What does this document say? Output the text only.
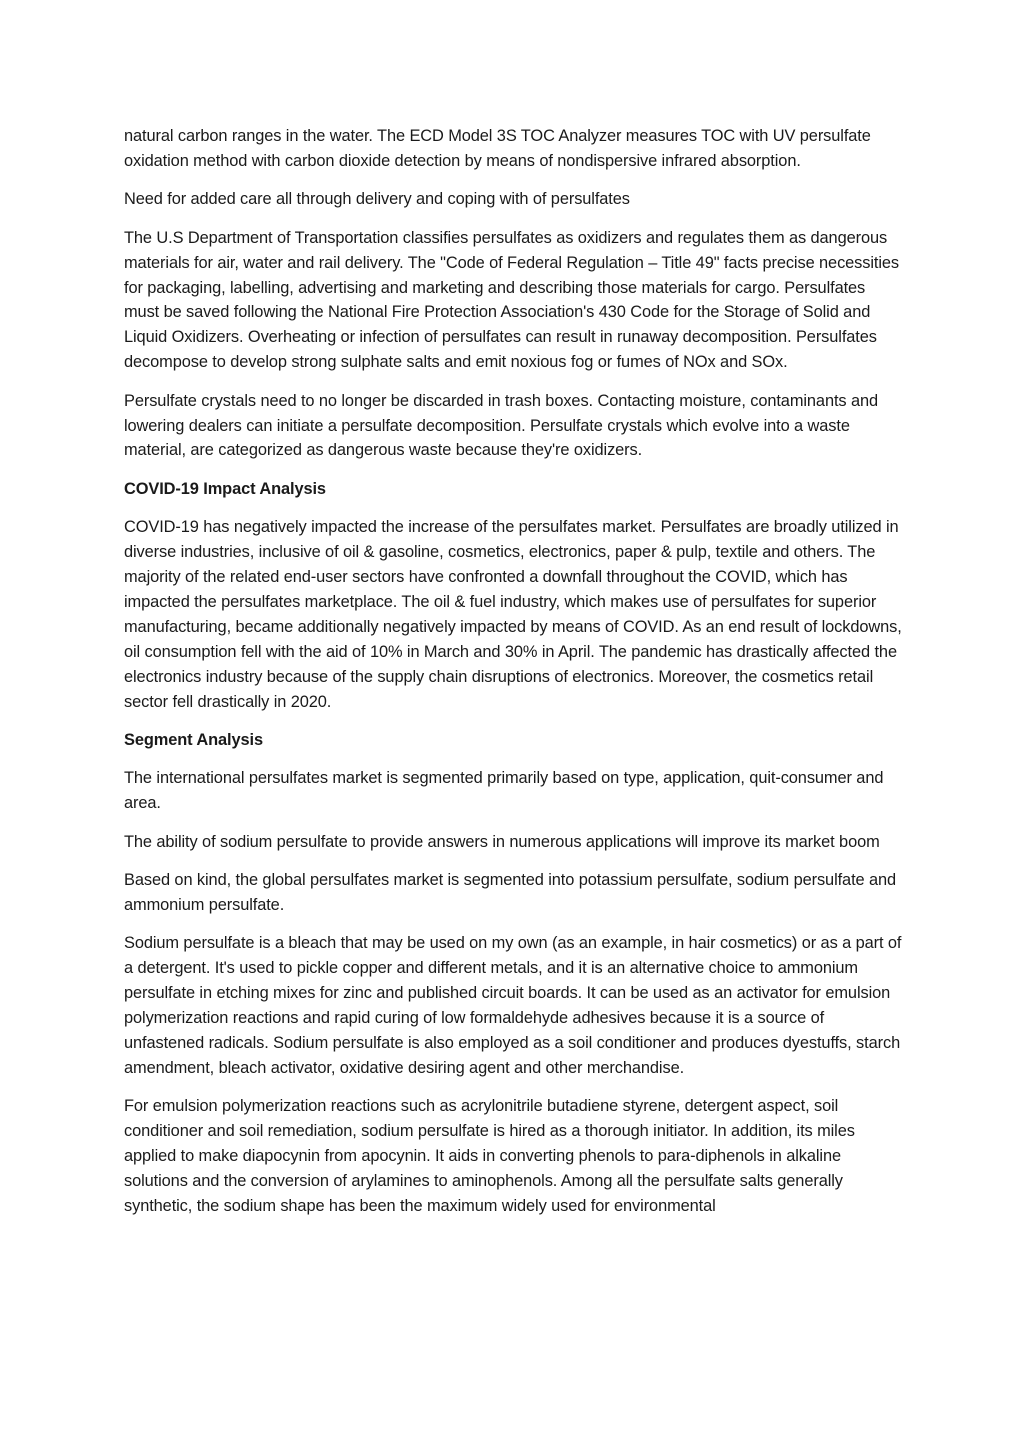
natural carbon ranges in the water. The ECD Model 3S TOC Analyzer measures TOC with UV persulfate oxidation method with carbon dioxide detection by means of nondispersive infrared absorption.

Need for added care all through delivery and coping with of persulfates

The U.S Department of Transportation classifies persulfates as oxidizers and regulates them as dangerous materials for air, water and rail delivery. The "Code of Federal Regulation – Title 49" facts precise necessities for packaging, labelling, advertising and marketing and describing those materials for cargo. Persulfates must be saved following the National Fire Protection Association's 430 Code for the Storage of Solid and Liquid Oxidizers. Overheating or infection of persulfates can result in runaway decomposition. Persulfates decompose to develop strong sulphate salts and emit noxious fog or fumes of NOx and SOx.

Persulfate crystals need to no longer be discarded in trash boxes. Contacting moisture, contaminants and lowering dealers can initiate a persulfate decomposition. Persulfate crystals which evolve into a waste material, are categorized as dangerous waste because they're oxidizers.

COVID-19 Impact Analysis

COVID-19 has negatively impacted the increase of the persulfates market. Persulfates are broadly utilized in diverse industries, inclusive of oil & gasoline, cosmetics, electronics, paper & pulp, textile and others. The majority of the related end-user sectors have confronted a downfall throughout the COVID, which has impacted the persulfates marketplace. The oil & fuel industry, which makes use of persulfates for superior manufacturing, became additionally negatively impacted by means of COVID. As an end result of lockdowns, oil consumption fell with the aid of 10% in March and 30% in April. The pandemic has drastically affected the electronics industry because of the supply chain disruptions of electronics. Moreover, the cosmetics retail sector fell drastically in 2020.

Segment Analysis

The international persulfates market is segmented primarily based on type, application, quit-consumer and area.

The ability of sodium persulfate to provide answers in numerous applications will improve its market boom

Based on kind, the global persulfates market is segmented into potassium persulfate, sodium persulfate and ammonium persulfate.

Sodium persulfate is a bleach that may be used on my own (as an example, in hair cosmetics) or as a part of a detergent. It's used to pickle copper and different metals, and it is an alternative choice to ammonium persulfate in etching mixes for zinc and published circuit boards. It can be used as an activator for emulsion polymerization reactions and rapid curing of low formaldehyde adhesives because it is a source of unfastened radicals. Sodium persulfate is also employed as a soil conditioner and produces dyestuffs, starch amendment, bleach activator, oxidative desiring agent and other merchandise.

For emulsion polymerization reactions such as acrylonitrile butadiene styrene, detergent aspect, soil conditioner and soil remediation, sodium persulfate is hired as a thorough initiator. In addition, its miles applied to make diapocynin from apocynin. It aids in converting phenols to para-diphenols in alkaline solutions and the conversion of arylamines to aminophenols. Among all the persulfate salts generally synthetic, the sodium shape has been the maximum widely used for environmental
